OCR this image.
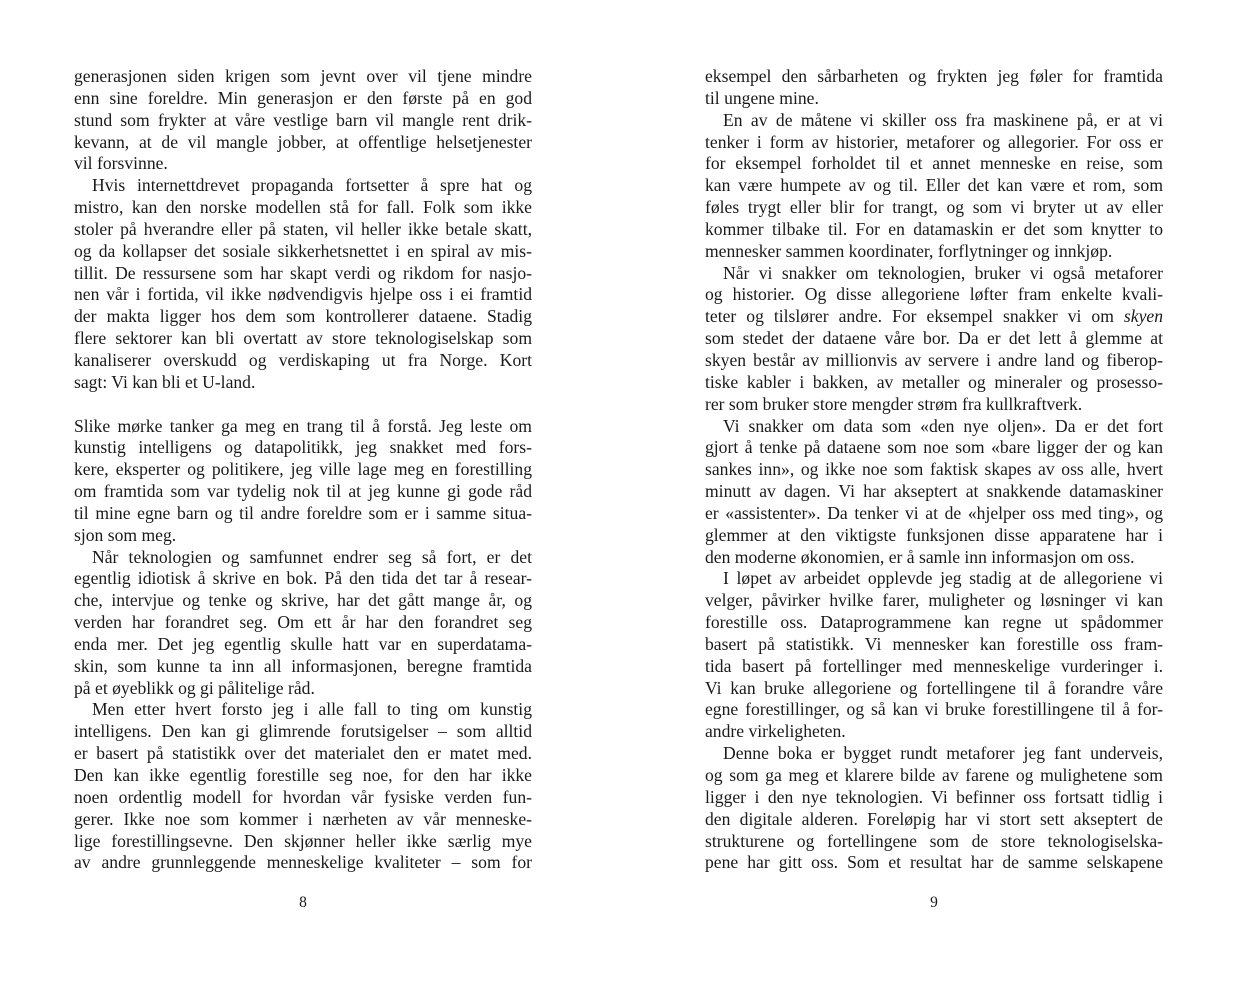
generasjonen siden krigen som jevnt over vil tjene mindre
enn sine foreldre. Min generasjon er den første på en god
stund som frykter at våre vestlige barn vil mangle rent drik-
kevann, at de vil mangle jobber, at offentlige helsetjenester
vil forsvinne.
Hvis internettdrevet propaganda fortsetter å spre hat og
mistro, kan den norske modellen stå for fall. Folk som ikke
stoler på hverandre eller på staten, vil heller ikke betale skatt,
og da kollapser det sosiale sikkerhetsnettet i en spiral av mis-
tillit. De ressursene som har skapt verdi og rikdom for nasjo-
nen vår i fortida, vil ikke nødvendigvis hjelpe oss i ei framtid
der makta ligger hos dem som kontrollerer dataene. Stadig
flere sektorer kan bli overtatt av store teknologiselskap som
kanaliserer overskudd og verdiskaping ut fra Norge. Kort
sagt: Vi kan bli et U-land.
Slike mørke tanker ga meg en trang til å forstå. Jeg leste om
kunstig intelligens og datapolitikk, jeg snakket med fors-
kere, eksperter og politikere, jeg ville lage meg en forestilling
om framtida som var tydelig nok til at jeg kunne gi gode råd
til mine egne barn og til andre foreldre som er i samme situa-
sjon som meg.
Når teknologien og samfunnet endrer seg så fort, er det
egentlig idiotisk å skrive en bok. På den tida det tar å resear-
che, intervjue og tenke og skrive, har det gått mange år, og
verden har forandret seg. Om ett år har den forandret seg
enda mer. Det jeg egentlig skulle hatt var en superdatama-
skin, som kunne ta inn all informasjonen, beregne framtida
på et øyeblikk og gi pålitelige råd.
Men etter hvert forsto jeg i alle fall to ting om kunstig
intelligens. Den kan gi glimrende forutsigelser – som alltid
er basert på statistikk over det materialet den er matet med.
Den kan ikke egentlig forestille seg noe, for den har ikke
noen ordentlig modell for hvordan vår fysiske verden fun-
gerer. Ikke noe som kommer i nærheten av vår menneske-
lige forestillingsevne. Den skjønner heller ikke særlig mye
av andre grunnleggende menneskelige kvaliteter – som for
8
eksempel den sårbarheten og frykten jeg føler for framtida
til ungene mine.
En av de måtene vi skiller oss fra maskinene på, er at vi
tenker i form av historier, metaforer og allegorier. For oss er
for eksempel forholdet til et annet menneske en reise, som
kan være humpete av og til. Eller det kan være et rom, som
føles trygt eller blir for trangt, og som vi bryter ut av eller
kommer tilbake til. For en datamaskin er det som knytter to
mennesker sammen koordinater, forflytninger og innkjøp.
Når vi snakker om teknologien, bruker vi også metaforer
og historier. Og disse allegoriene løfter fram enkelte kvali-
teter og tilslører andre. For eksempel snakker vi om skyen
som stedet der dataene våre bor. Da er det lett å glemme at
skyen består av millionvis av servere i andre land og fiberop-
tiske kabler i bakken, av metaller og mineraler og prosesso-
rer som bruker store mengder strøm fra kullkraftverk.
Vi snakker om data som «den nye oljen». Da er det fort
gjort å tenke på dataene som noe som «bare ligger der og kan
sankes inn», og ikke noe som faktisk skapes av oss alle, hvert
minutt av dagen. Vi har akseptert at snakkende datamaskiner
er «assistenter». Da tenker vi at de «hjelper oss med ting», og
glemmer at den viktigste funksjonen disse apparatene har i
den moderne økonomien, er å samle inn informasjon om oss.
I løpet av arbeidet opplevde jeg stadig at de allegoriene vi
velger, påvirker hvilke farer, muligheter og løsninger vi kan
forestille oss. Dataprogrammene kan regne ut spådommer
basert på statistikk. Vi mennesker kan forestille oss fram-
tida basert på fortellinger med menneskelige vurderinger i.
Vi kan bruke allegoriene og fortellingene til å forandre våre
egne forestillinger, og så kan vi bruke forestillingene til å for-
andre virkeligheten.
Denne boka er bygget rundt metaforer jeg fant underveis,
og som ga meg et klarere bilde av farene og mulighetene som
ligger i den nye teknologien. Vi befinner oss fortsatt tidlig i
den digitale alderen. Foreløpig har vi stort sett akseptert de
strukturene og fortellingene som de store teknologiselska-
pene har gitt oss. Som et resultat har de samme selskapene
9
